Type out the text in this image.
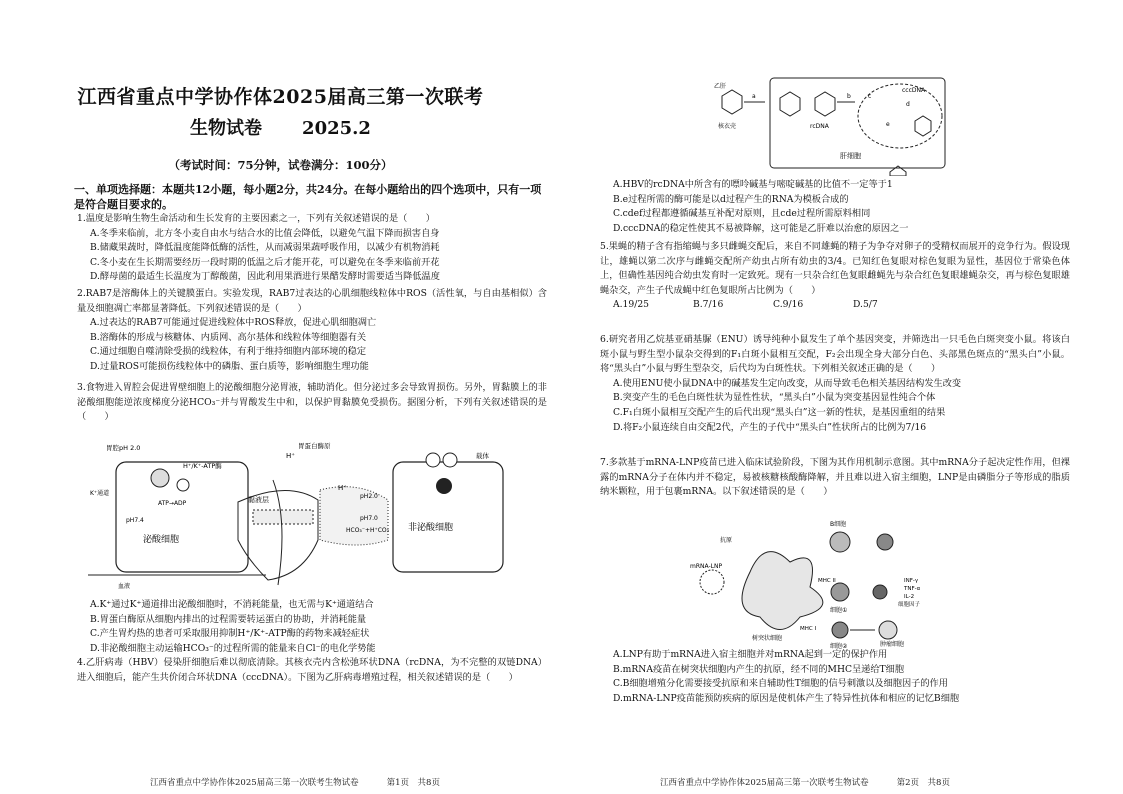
江西省重点中学协作体2025届高三第一次联考
生物试卷 2025.2
（考试时间：75分钟，试卷满分：100分）
一、单项选择题：本题共12小题，每小题2分，共24分。在每小题给出的四个选项中，只有一项是符合题目要求的。
1.温度是影响生物生命活动和生长发育的主要因素之一，下列有关叙述错误的是（　　）
A.冬季来临前，北方冬小麦自由水与结合水的比值会降低，以避免气温下降而损害自身
B.储藏果蔬时，降低温度能降低酶的活性，从而减弱果蔬呼吸作用，以减少有机物消耗
C.冬小麦在生长期需要经历一段时期的低温之后才能开花，可以避免在冬季来临前开花
D.酵母菌的最适生长温度为丁醇酸菌，因此利用果酒进行果醋发酵时需要适当降低温度
2.RAB7是溶酶体上的关键膜蛋白。实验发现，RAB7过表达的心肌细胞线粒体中ROS（活性氧，与自由基相似）含量及细胞凋亡率都显著降低。下列叙述错误的是（　　）
A.过表达的RAB7可能通过促进线粒体中ROS释放，促进心肌细胞凋亡
B.溶酶体的形成与核糖体、内质网、高尔基体和线粒体等细胞器有关
C.通过细胞自噬清除受损的线粒体，有利于维持细胞内部环境的稳定
D.过量ROS可能损伤线粒体中的磷脂、蛋白质等，影响细胞生理功能
3.食物进入胃腔会促进胃壁细胞上的泌酸细胞分泌胃液，辅助消化。但分泌过多会导致胃损伤。另外，胃黏膜上的非泌酸细胞能逆浓度梯度分泌HCO₃⁻并与胃酸发生中和，以保护胃黏膜免受损伤。据图分析，下列有关叙述错误的是（　　）
胃腔pH 2.0
H⁺/K⁺-ATP酶
K⁺通道
ATP→ADP
pH7.4
泌酸细胞
血液
黏液层
胃蛋白酶原
H⁺
H⁺
HCO₃⁻+H⁺CO₃
pH2.0
pH7.0
载体
非泌酸细胞
A.K⁺通过K⁺通道排出泌酸细胞时，不消耗能量，也无需与K⁺通道结合
B.胃蛋白酶原从细胞内排出的过程需要转运蛋白的协助，并消耗能量
C.产生胃灼热的患者可采取服用抑制H⁺/K⁺-ATP酶的药物来减轻症状
D.非泌酸细胞主动运输HCO₃⁻的过程所需的能量来自Cl⁻的电化学势能
4.乙肝病毒（HBV）侵染肝细胞后难以彻底清除。其核衣壳内含松弛环状DNA（rcDNA，为不完整的双链DNA）进入细胞后，能产生共价闭合环状DNA（cccDNA）。下图为乙肝病毒增殖过程，相关叙述错误的是（　　）
江西省重点中学协作体2025届高三第一次联考生物试卷	第1页　共8页
乙肝
核衣壳
a
rcDNA
b
cccDNA
c
d
e
肝细胞
A.HBV的rcDNA中所含有的嘌呤碱基与嘧啶碱基的比值不一定等于1
B.e过程所需的酶可能是以d过程产生的RNA为模板合成的
C.cdef过程都遵循碱基互补配对原则，且cde过程所需原料相同
D.cccDNA的稳定性使其不易被降解，这可能是乙肝难以治愈的原因之一
5.果蝇的精子含有指缩蝇与多只雌蝇交配后，来自不同雄蝇的精子为争夺对卵子的受精权而展开的竞争行为。假设现让，雄蝇以第二次序与雌蝇交配所产幼虫占所有幼虫的3/4。已知红色复眼对棕色复眼为显性，基因位于常染色体上，但确性基因纯合幼虫发育时一定致死。现有一只杂合红色复眼雌蝇先与杂合红色复眼雄蝇杂交，再与棕色复眼雄蝇杂交，产生子代成蝇中红色复眼所占比例为（　　）
A.19/25	B.7/16	C.9/16	D.5/7
6.研究者用乙烷基亚硝基脲（ENU）诱导纯种小鼠发生了单个基因突变，并筛选出一只毛色白斑突变小鼠。将该白斑小鼠与野生型小鼠杂交得到的F₁白斑小鼠相互交配，F₂会出现全身大部分白色、头部黑色斑点的“黑头白”小鼠。将“黑头白”小鼠与野生型杂交，后代均为白斑性状。下列相关叙述正确的是（　　）
A.使用ENU使小鼠DNA中的碱基发生定向改变，从而导致毛色相关基因结构发生改变
B.突变产生的毛色白斑性状为显性性状，“黑头白”小鼠为突变基因显性纯合个体
C.F₁白斑小鼠相互交配产生的后代出现“黑头白”这一新的性状，是基因重组的结果
D.将F₂小鼠连续自由交配2代，产生的子代中“黑头白”性状所占的比例为7/16
7.多款基于mRNA-LNP疫苗已进入临床试验阶段，下图为其作用机制示意图。其中mRNA分子起决定性作用，但裸露的mRNA分子在体内并不稳定，易被核糖核酸酶降解，并且难以进入宿主细胞，LNP是由磷脂分子等形成的脂质纳米颗粒，用于包裹mRNA。以下叙述错误的是（　　）
mRNA-LNP
抗原
树突状细胞
B细胞
细胞①
MHC II	INF-γ
TNF-α
IL-2
细胞因子
MHC I
细胞②	肿瘤细胞
A.LNP有助于mRNA进入宿主细胞并对mRNA起到一定的保护作用
B.mRNA疫苗在树突状细胞内产生的抗原，经不同的MHC呈递给T细胞
C.B细胞增殖分化需要接受抗原和来自辅助性T细胞的信号刺激以及细胞因子的作用
D.mRNA-LNP疫苗能预防疾病的原因是使机体产生了特异性抗体和相应的记忆B细胞
江西省重点中学协作体2025届高三第一次联考生物试卷	第2页　共8页
